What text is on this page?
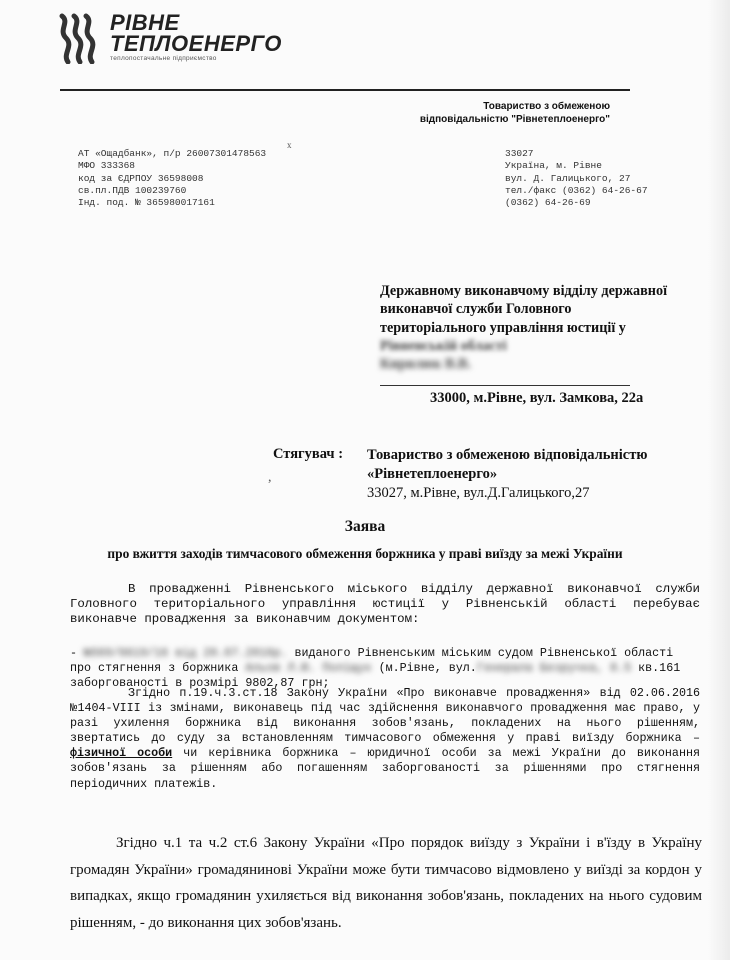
РІВНЕ
ТЕПЛОЕНЕРГО
теплопостачальне підприємство
Товариство з обмеженою
відповідальністю "Рівнетеплоенерго"
АТ «Ощадбанк», п/р 26007301478563
МФО 333368
код за ЄДРПОУ 36598008
св.пл.ПДВ 100239760
Інд. под. № 365980017161
x
33027
Україна, м. Рівне
вул. Д. Галицького, 27
тел./факс (0362) 64-26-67
(0362) 64-26-69
Державному виконавчому відділу державної
виконавчої служби Головного
територіального управління юстиції у
Рівненській області
Кирилюк В.В.
33000, м.Рівне, вул. Замкова, 22а
Стягувач :
,
Товариство з обмеженою відповідальністю
«Рівнетеплоенерго»
33027, м.Рівне, вул.Д.Галицького,27
Заява
про вжиття заходів тимчасового обмеження боржника у праві виїзду за межі України
В провадженні Рівненського міського відділу державної виконавчої служби Головного територіального управління юстиції у Рівненській області перебуває виконавче провадження за виконавчим документом:
- №569/6619/16 від 20.07.2016р. виданого Рівненським міським судом Рівненської області про стягнення з боржника Альов Л.Ю. Поліщук (м.Рівне, вул.Генерала Безручка, 8.5 кв.161 заборгованості в розмірі 9802,87 грн;
Згідно п.19.ч.3.ст.18 Закону України «Про виконавче провадження» від 02.06.2016 №1404-VIII із змінами, виконавець під час здійснення виконавчого провадження має право, у разі ухилення боржника від виконання зобов'язань, покладених на нього рішенням, звертатись до суду за встановленням тимчасового обмеження у праві виїзду боржника – фізичної особи чи керівника боржника – юридичної особи за межі України до виконання зобов'язань за рішенням або погашенням заборгованості за рішеннями про стягнення періодичних платежів.
Згідно ч.1 та ч.2 ст.6 Закону України «Про порядок виїзду з України і в'їзду в Україну громадян України» громадянинові України може бути тимчасово відмовлено у виїзді за кордон у випадках, якщо громадянин ухиляється від виконання зобов'язань, покладених на нього судовим рішенням, - до виконання цих зобов'язань.
